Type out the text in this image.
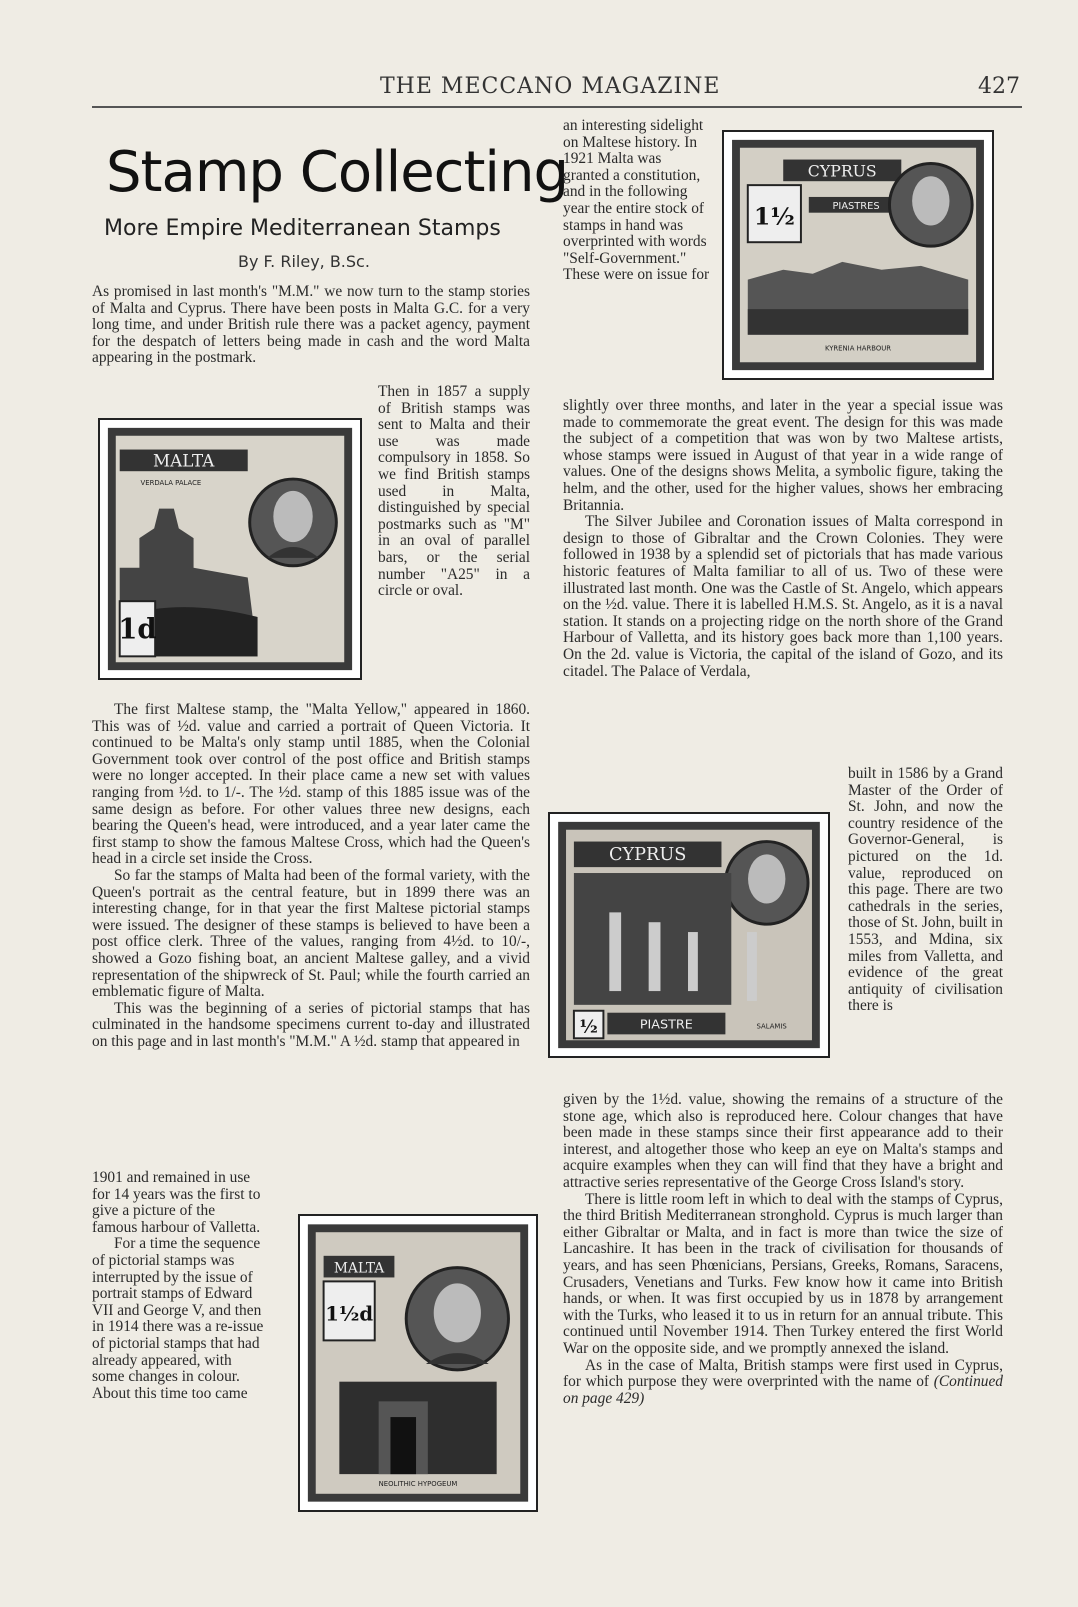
THE MECCANO MAGAZINE	427
Stamp Collecting
More Empire Mediterranean Stamps
By F. Riley, B.Sc.

As promised in last month's "M.M." we now turn to the stamp stories of Malta and Cyprus. There have been posts in Malta G.C. for a very long time, and under British rule there was a packet agency, payment for the despatch of letters being made in cash and the word Malta appearing in the postmark.

MALTA
VERDALA PALACE
1d

Then in 1857 a supply of British stamps was sent to Malta and their use was made compulsory in 1858. So we find British stamps used in Malta, distinguished by special postmarks such as "M" in an oval of parallel bars, or the serial number "A25" in a circle or oval.

The first Maltese stamp, the "Malta Yellow," appeared in 1860. This was of ½d. value and carried a portrait of Queen Victoria. It continued to be Malta's only stamp until 1885, when the Colonial Government took over control of the post office and British stamps were no longer accepted. In their place came a new set with values ranging from ½d. to 1/-. The ½d. stamp of this 1885 issue was of the same design as before. For other values three new designs, each bearing the Queen's head, were introduced, and a year later came the first stamp to show the famous Maltese Cross, which had the Queen's head in a circle set inside the Cross.

So far the stamps of Malta had been of the formal variety, with the Queen's portrait as the central feature, but in 1899 there was an interesting change, for in that year the first Maltese pictorial stamps were issued. The designer of these stamps is believed to have been a post office clerk. Three of the values, ranging from 4½d. to 10/-, showed a Gozo fishing boat, an ancient Maltese galley, and a vivid representation of the shipwreck of St. Paul; while the fourth carried an emblematic figure of Malta.

This was the beginning of a series of pictorial stamps that has culminated in the handsome specimens current to-day and illustrated on this page and in last month's "M.M." A ½d. stamp that appeared in

1901 and remained in use for 14 years was the first to give a picture of the famous harbour of Valletta.

For a time the sequence of pictorial stamps was interrupted by the issue of portrait stamps of Edward VII and George V, and then in 1914 there was a re-issue of pictorial stamps that had already appeared, with some changes in colour. About this time too came

MALTA
1½d
NEOLITHIC HYPOGEUM

an interesting sidelight on Maltese history. In 1921 Malta was granted a constitution, and in the following year the entire stock of stamps in hand was overprinted with words "Self-Government." These were on issue for

CYPRUS
1½	PIASTRES
KYRENIA HARBOUR

slightly over three months, and later in the year a special issue was made to commemorate the great event. The design for this was made the subject of a competition that was won by two Maltese artists, whose stamps were issued in August of that year in a wide range of values. One of the designs shows Melita, a symbolic figure, taking the helm, and the other, used for the higher values, shows her embracing Britannia.

The Silver Jubilee and Coronation issues of Malta correspond in design to those of Gibraltar and the Crown Colonies. They were followed in 1938 by a splendid set of pictorials that has made various historic features of Malta familiar to all of us. Two of these were illustrated last month. One was the Castle of St. Angelo, which appears on the ½d. value. There it is labelled H.M.S. St. Angelo, as it is a naval station. It stands on a projecting ridge on the north shore of the Grand Harbour of Valletta, and its history goes back more than 1,100 years. On the 2d. value is Victoria, the capital of the island of Gozo, and its citadel. The Palace of Verdala,

CYPRUS
½	PIASTRE	SALAMIS

built in 1586 by a Grand Master of the Order of St. John, and now the country residence of the Governor-General, is pictured on the 1d. value, reproduced on this page. There are two cathedrals in the series, those of St. John, built in 1553, and Mdina, six miles from Valletta, and evidence of the great antiquity of civilisation there is

given by the 1½d. value, showing the remains of a structure of the stone age, which also is reproduced here. Colour changes that have been made in these stamps since their first appearance add to their interest, and altogether those who keep an eye on Malta's stamps and acquire examples when they can will find that they have a bright and attractive series representative of the George Cross Island's story.

There is little room left in which to deal with the stamps of Cyprus, the third British Mediterranean stronghold. Cyprus is much larger than either Gibraltar or Malta, and in fact is more than twice the size of Lancashire. It has been in the track of civilisation for thousands of years, and has seen Phœnicians, Persians, Greeks, Romans, Saracens, Crusaders, Venetians and Turks. Few know how it came into British hands, or when. It was first occupied by us in 1878 by arrangement with the Turks, who leased it to us in return for an annual tribute. This continued until November 1914. Then Turkey entered the first World War on the opposite side, and we promptly annexed the island.

As in the case of Malta, British stamps were first used in Cyprus, for which purpose they were overprinted with the name of (Continued on page 429)
